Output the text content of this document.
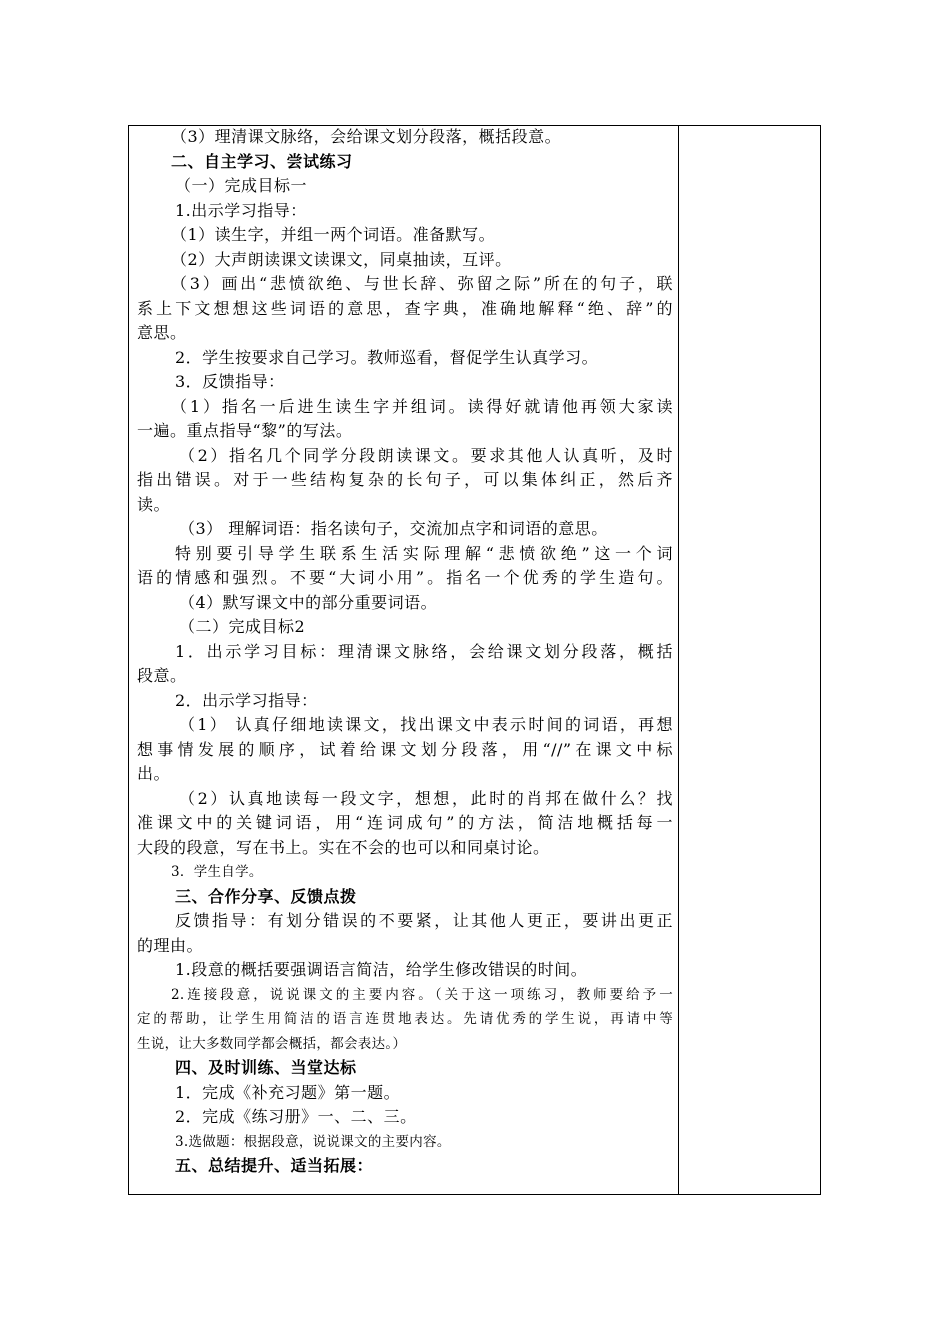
（3）理清课文脉络，会给课文划分段落，概括段意。
二、自主学习、尝试练习
（一）完成目标一
1.出示学习指导：
（1）读生字，并组一两个词语。准备默写。
（2）大声朗读课文读课文，同桌抽读，互评。
（3）画出“悲愤欲绝、与世长辞、弥留之际”所在的句子，联
系上下文想想这些词语的意思，查字典，准确地解释“绝、辞”的
意思。
2．学生按要求自己学习。教师巡看，督促学生认真学习。
3．反馈指导：
（1）指名一后进生读生字并组词。读得好就请他再领大家读
一遍。重点指导“黎”的写法。
（2）指名几个同学分段朗读课文。要求其他人认真听，及时
指出错误。对于一些结构复杂的长句子，可以集体纠正，然后齐
读。
（3） 理解词语：指名读句子，交流加点字和词语的意思。
特别要引导学生联系生活实际理解“悲愤欲绝”这一个词
语的情感和强烈。不要“大词小用”。指名一个优秀的学生造句。
（4）默写课文中的部分重要词语。
（二）完成目标2
1．出示学习目标：理清课文脉络，会给课文划分段落，概括
段意。
2．出示学习指导：
（1） 认真仔细地读课文，找出课文中表示时间的词语，再想
想事情发展的顺序，试着给课文划分段落，用“//”在课文中标
出。
（2）认真地读每一段文字，想想，此时的肖邦在做什么？找
准课文中的关键词语，用“连词成句”的方法，简洁地概括每一
大段的段意，写在书上。实在不会的也可以和同桌讨论。
3．学生自学。
三、合作分享、反馈点拨
反馈指导：有划分错误的不要紧，让其他人更正，要讲出更正
的理由。
1.段意的概括要强调语言简洁，给学生修改错误的时间。
2.连接段意，说说课文的主要内容。（关于这一项练习，教师要给予一
定的帮助，让学生用简洁的语言连贯地表达。先请优秀的学生说，再请中等
生说，让大多数同学都会概括，都会表达。）
四、及时训练、当堂达标
1．完成《补充习题》第一题。
2．完成《练习册》一、二、三。
3.选做题：根据段意，说说课文的主要内容。
五、总结提升、适当拓展：
